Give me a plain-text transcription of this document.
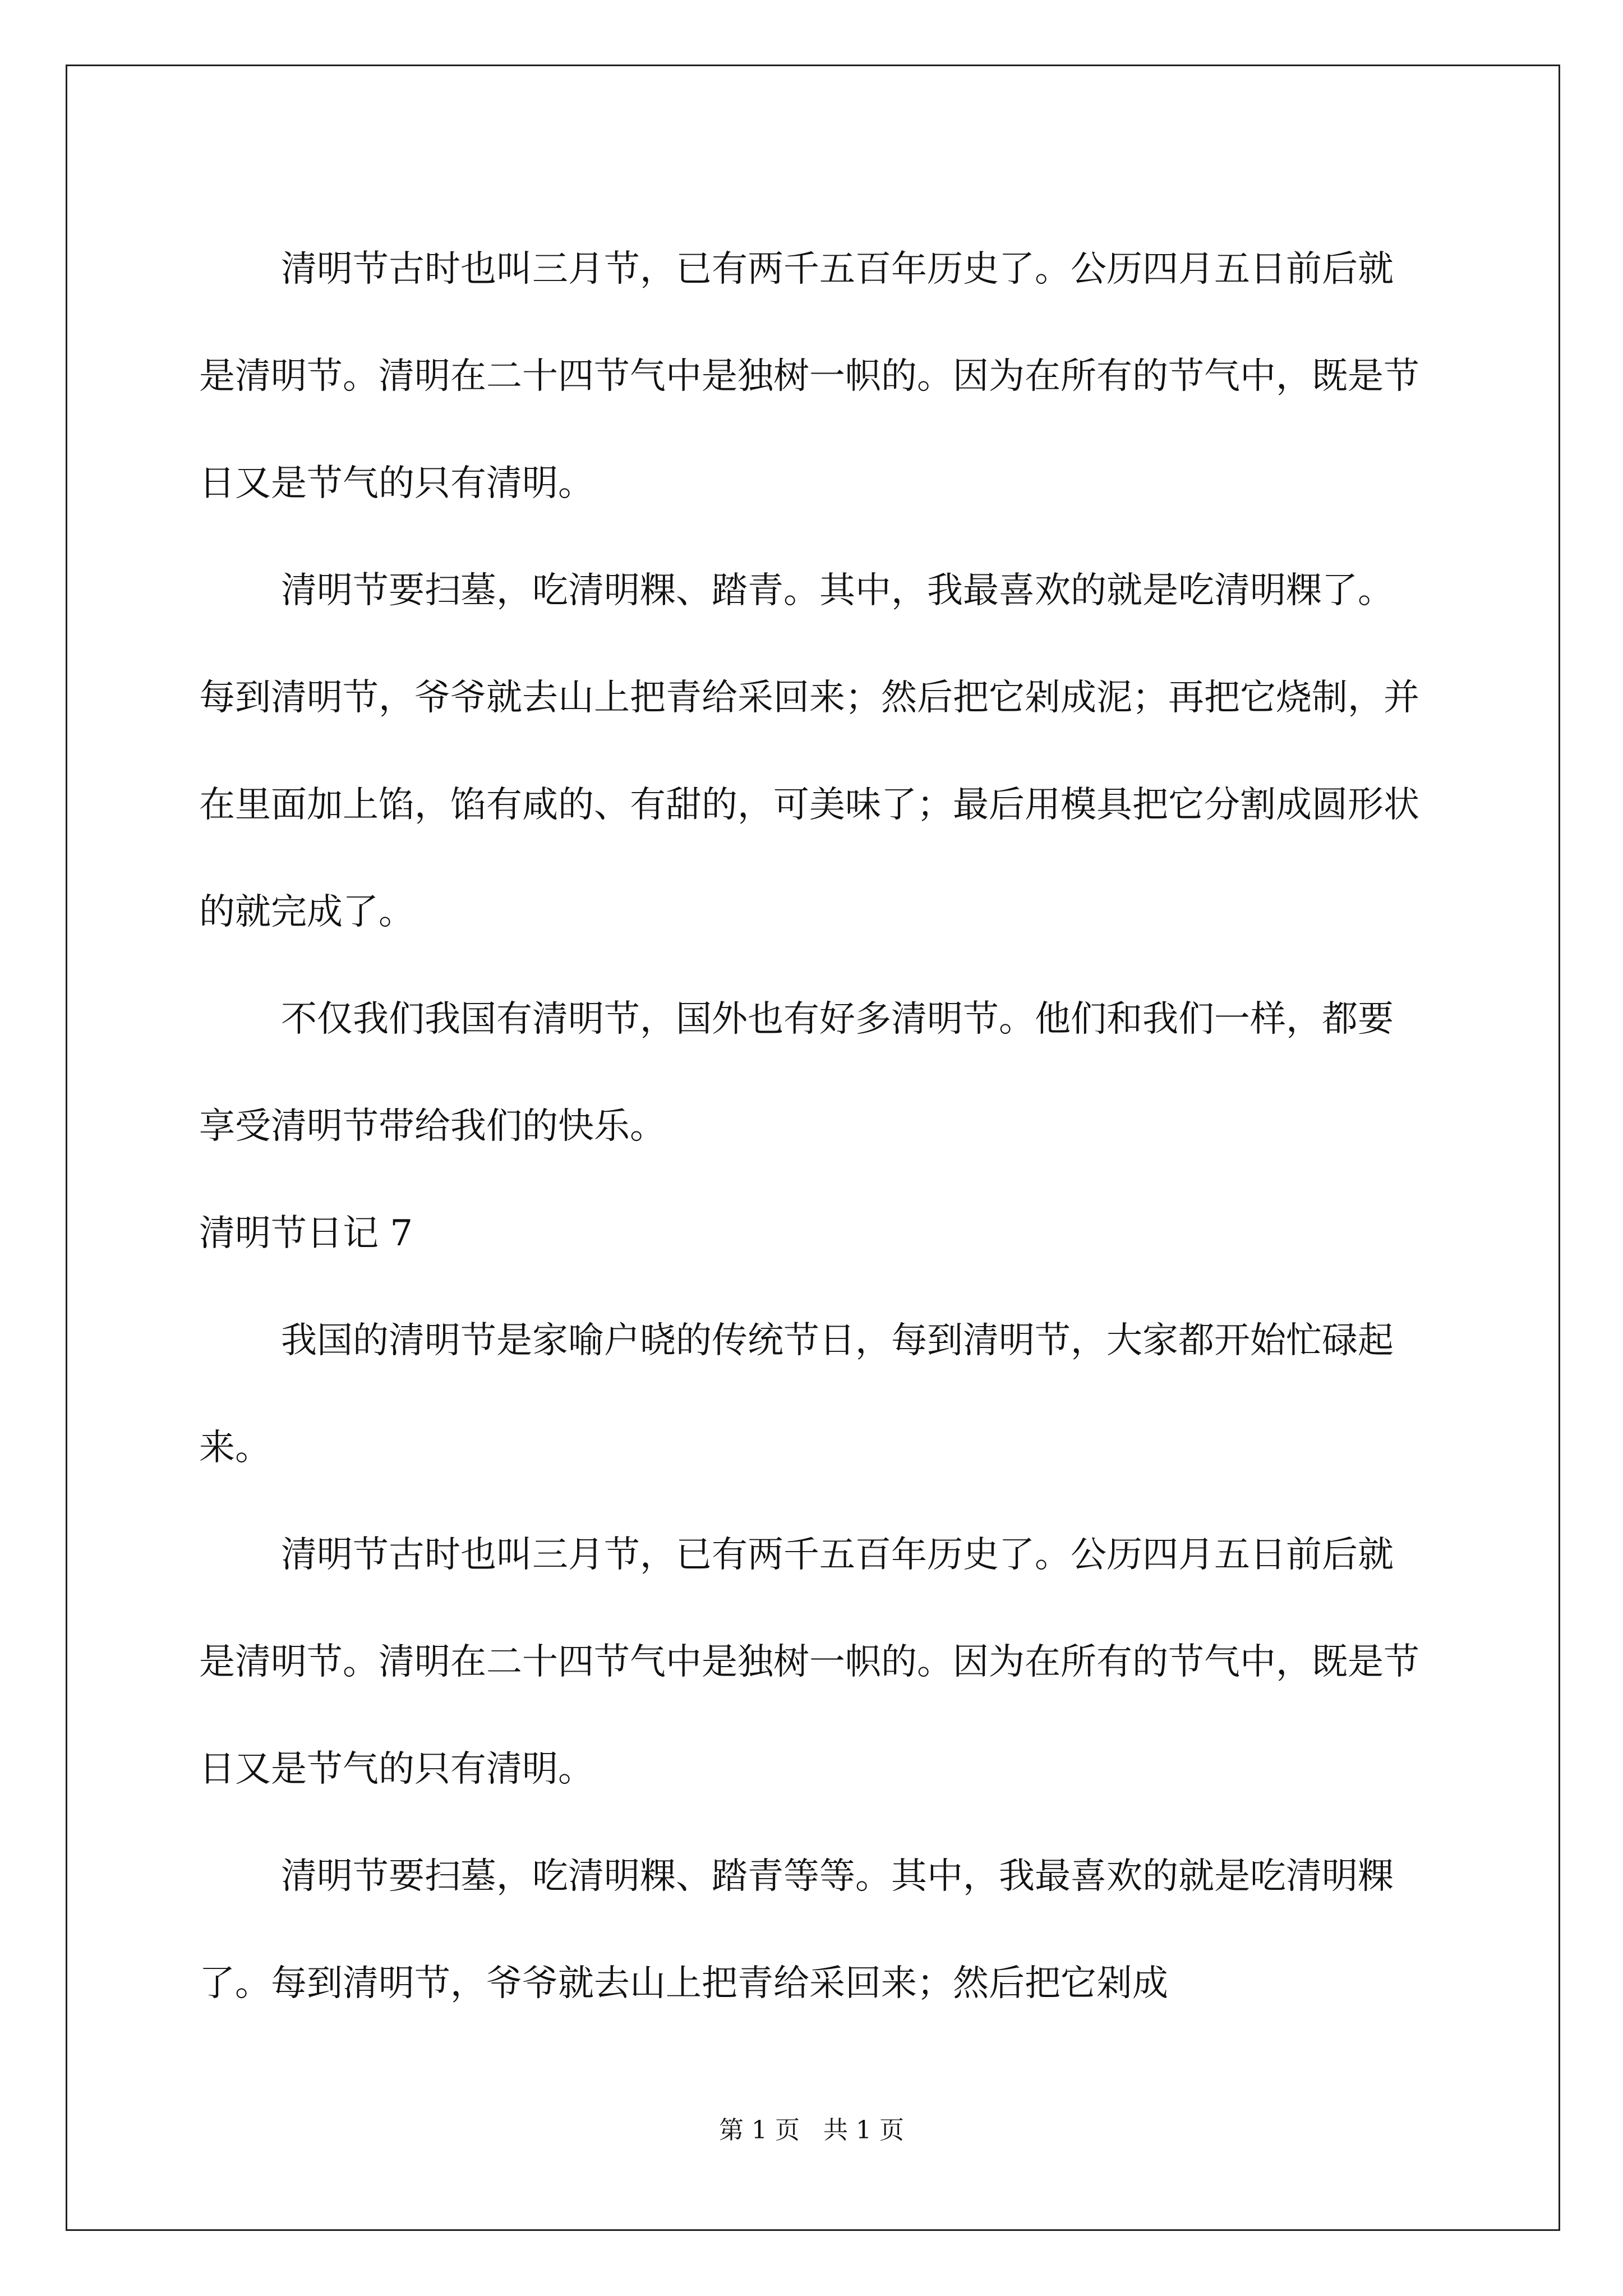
清明节古时也叫三月节，已有两千五百年历史了。公历四月五日前后就是清明节。清明在二十四节气中是独树一帜的。因为在所有的节气中，既是节日又是节气的只有清明。

清明节要扫墓，吃清明粿、踏青。其中，我最喜欢的就是吃清明粿了。每到清明节，爷爷就去山上把青给采回来；然后把它剁成泥；再把它烧制，并在里面加上馅，馅有咸的、有甜的，可美味了；最后用模具把它分割成圆形状的就完成了。

不仅我们我国有清明节，国外也有好多清明节。他们和我们一样，都要享受清明节带给我们的快乐。

清明节日记 7

我国的清明节是家喻户晓的传统节日，每到清明节，大家都开始忙碌起来。

清明节古时也叫三月节，已有两千五百年历史了。公历四月五日前后就是清明节。清明在二十四节气中是独树一帜的。因为在所有的节气中，既是节日又是节气的只有清明。

清明节要扫墓，吃清明粿、踏青等等。其中，我最喜欢的就是吃清明粿了。每到清明节，爷爷就去山上把青给采回来；然后把它剁成

第 1 页 共 1 页
